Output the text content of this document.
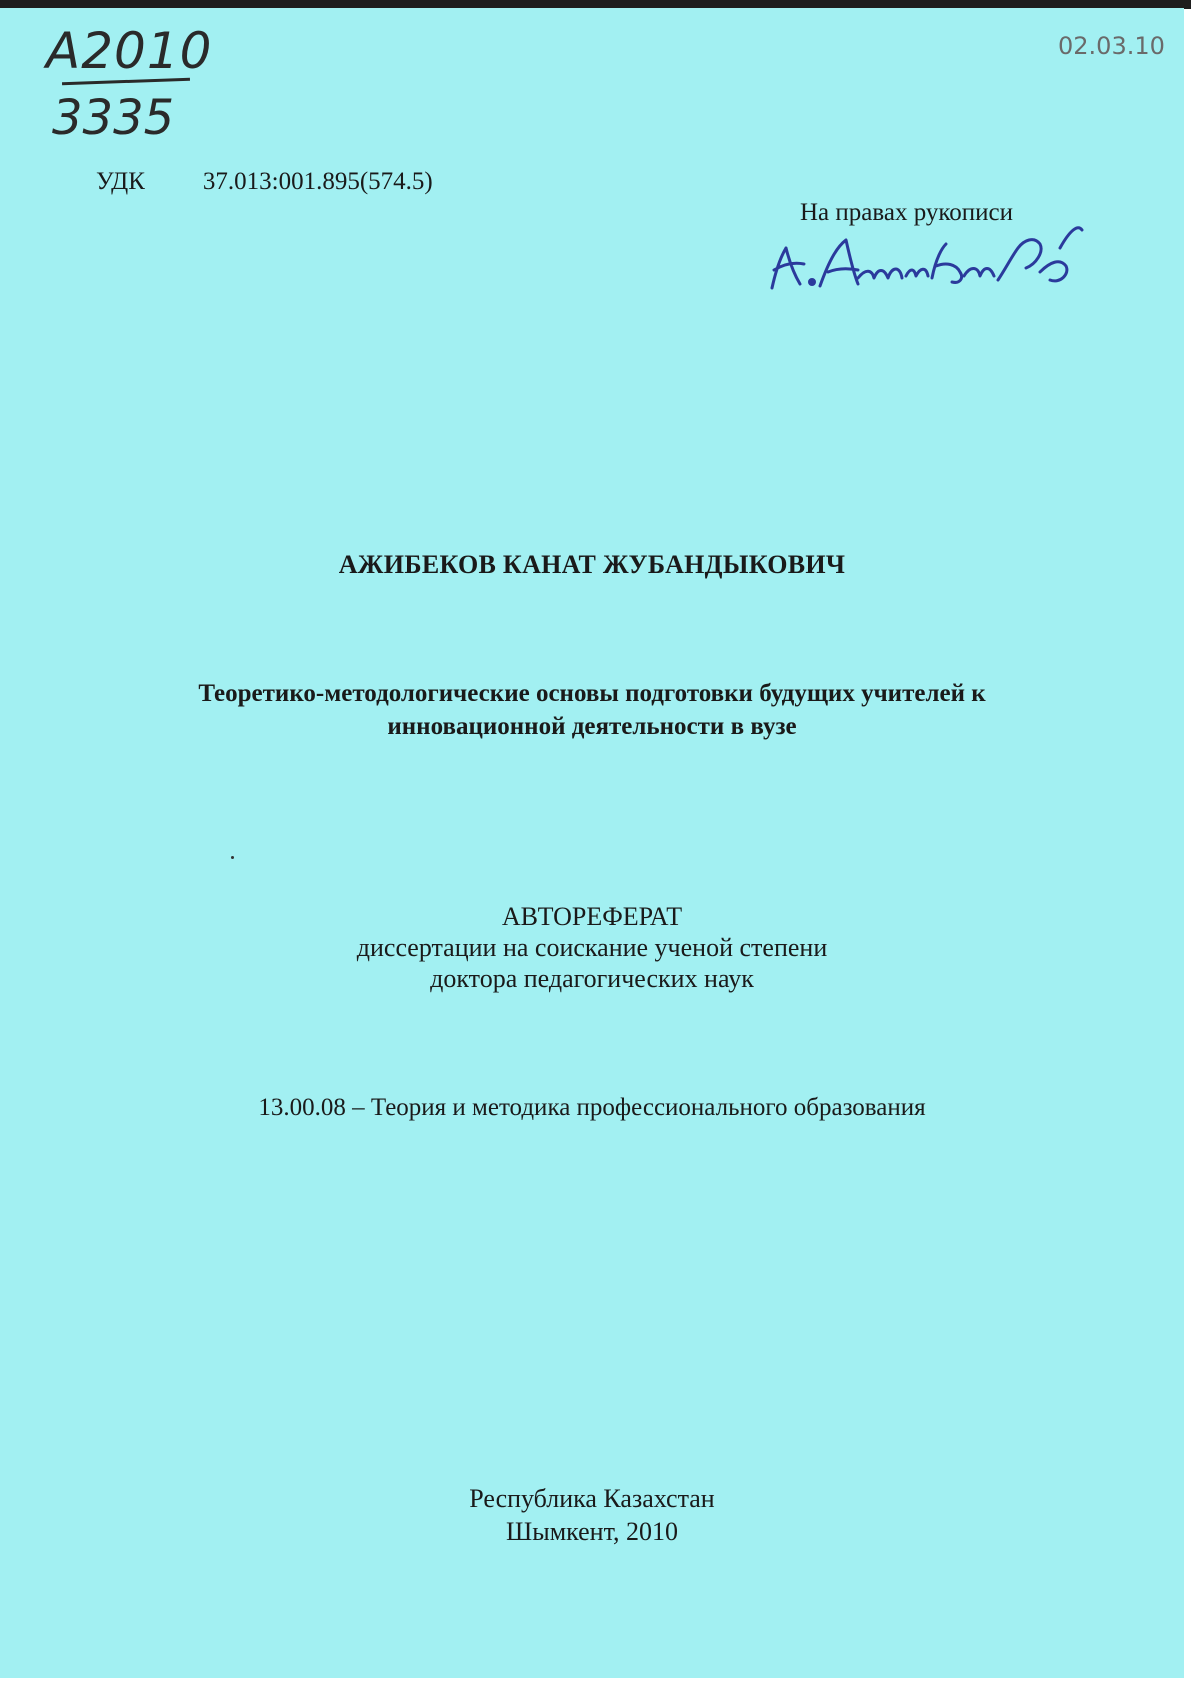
А2010
3335
02.03.10
УДК 37.013:001.895(574.5)
На правах рукописи
АЖИБЕКОВ КАНАТ ЖУБАНДЫКОВИЧ
Теоретико-методологические основы подготовки будущих учителей к
инновационной деятельности в вузе
АВТОРЕФЕРАТ
диссертации на соискание ученой степени
доктора педагогических наук
13.00.08 – Теория и методика профессионального образования
Республика Казахстан
Шымкент, 2010
